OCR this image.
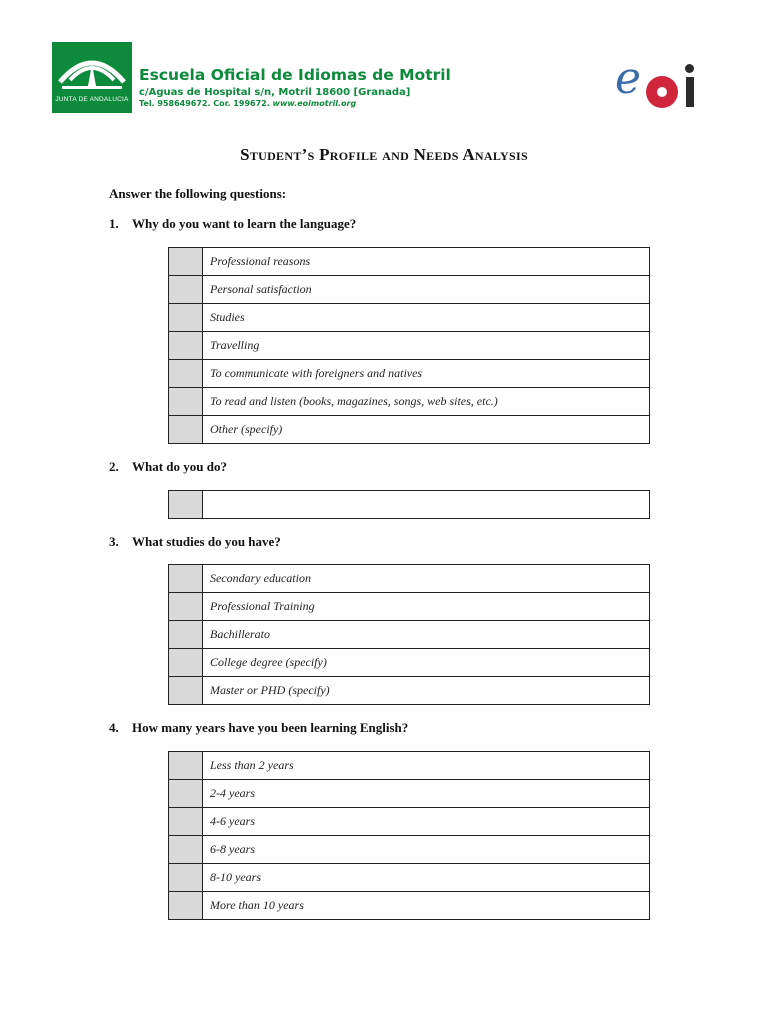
JUNTA DE ANDALUCIA
Escuela Oficial de Idiomas de Motril
c/Aguas de Hospital s/n, Motril 18600 [Granada]
Tel. 958649672. Cor. 199672. www.eoimotril.org	e
Student’s Profile and Needs Analysis
Answer the following questions:
1. Why do you want to learn the language?
	Professional reasons
	Personal satisfaction
	Studies
	Travelling
	To communicate with foreigners and natives
	To read and listen (books, magazines, songs, web sites, etc.)
	Other (specify)
2. What do you do?

3. What studies do you have?
	Secondary education
	Professional Training
	Bachillerato
	College degree (specify)
	Master or PHD (specify)
4. How many years have you been learning English?
	Less than 2 years
	2-4 years
	4-6 years
	6-8 years
	8-10 years
	More than 10 years
